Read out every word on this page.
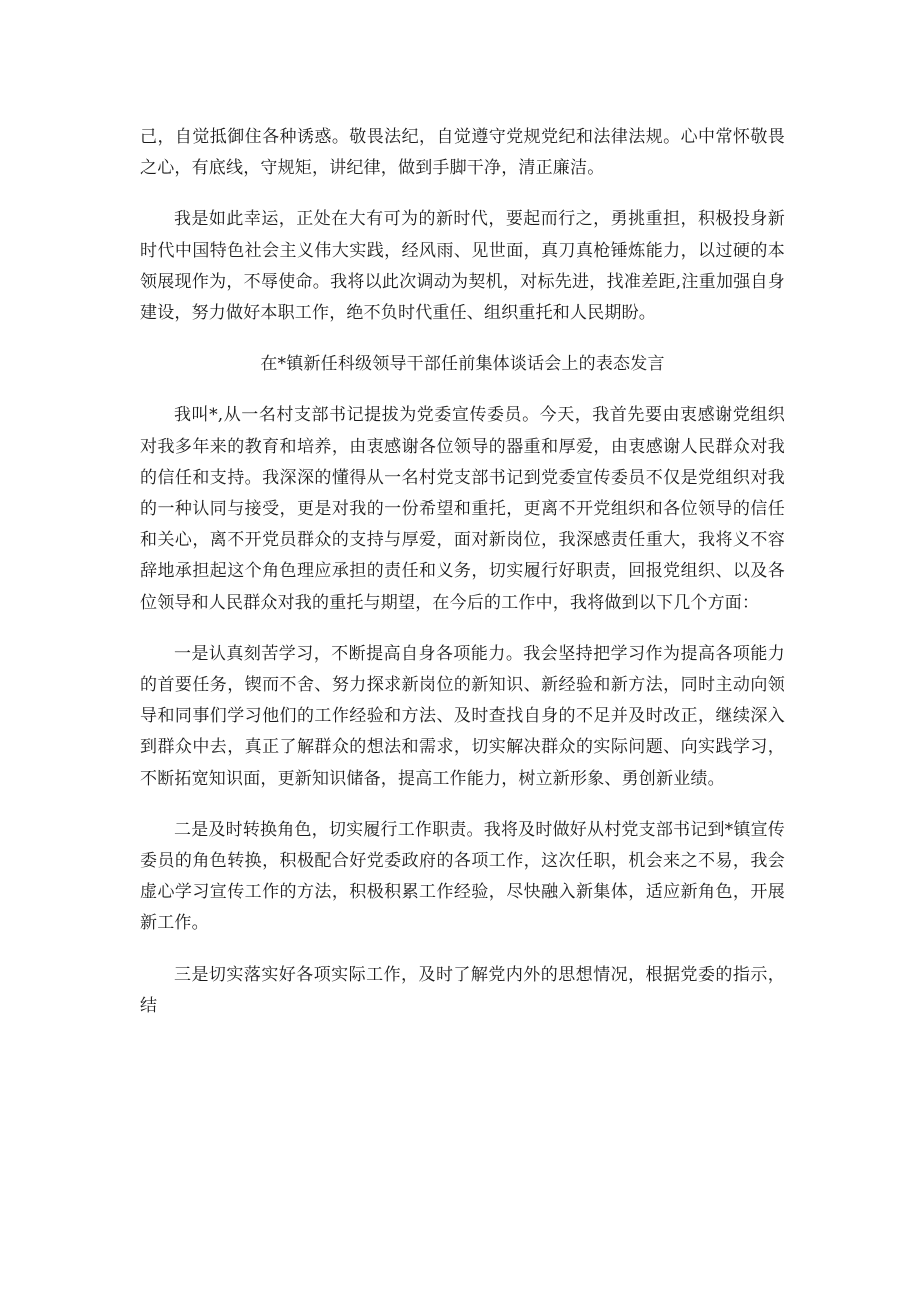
己，自觉抵御住各种诱惑。敬畏法纪，自觉遵守党规党纪和法律法规。心中常怀敬畏之心，有底线，守规矩，讲纪律，做到手脚干净，清正廉洁。

我是如此幸运，正处在大有可为的新时代，要起而行之，勇挑重担，积极投身新时代中国特色社会主义伟大实践，经风雨、见世面，真刀真枪锤炼能力，以过硬的本领展现作为，不辱使命。我将以此次调动为契机，对标先进，找准差距,注重加强自身建设，努力做好本职工作，绝不负时代重任、组织重托和人民期盼。

在*镇新任科级领导干部任前集体谈话会上的表态发言

我叫*,从一名村支部书记提拔为党委宣传委员。今天，我首先要由衷感谢党组织对我多年来的教育和培养，由衷感谢各位领导的器重和厚爱，由衷感谢人民群众对我的信任和支持。我深深的懂得从一名村党支部书记到党委宣传委员不仅是党组织对我的一种认同与接受，更是对我的一份希望和重托，更离不开党组织和各位领导的信任和关心，离不开党员群众的支持与厚爱，面对新岗位，我深感责任重大，我将义不容辞地承担起这个角色理应承担的责任和义务，切实履行好职责，回报党组织、以及各位领导和人民群众对我的重托与期望，在今后的工作中，我将做到以下几个方面：

一是认真刻苦学习，不断提高自身各项能力。我会坚持把学习作为提高各项能力的首要任务，锲而不舍、努力探求新岗位的新知识、新经验和新方法，同时主动向领导和同事们学习他们的工作经验和方法、及时查找自身的不足并及时改正，继续深入到群众中去，真正了解群众的想法和需求，切实解决群众的实际问题、向实践学习，不断拓宽知识面，更新知识储备，提高工作能力，树立新形象、勇创新业绩。

二是及时转换角色，切实履行工作职责。我将及时做好从村党支部书记到*镇宣传委员的角色转换，积极配合好党委政府的各项工作，这次任职，机会来之不易，我会虚心学习宣传工作的方法，积极积累工作经验，尽快融入新集体，适应新角色，开展新工作。

三是切实落实好各项实际工作，及时了解党内外的思想情况，根据党委的指示，结
